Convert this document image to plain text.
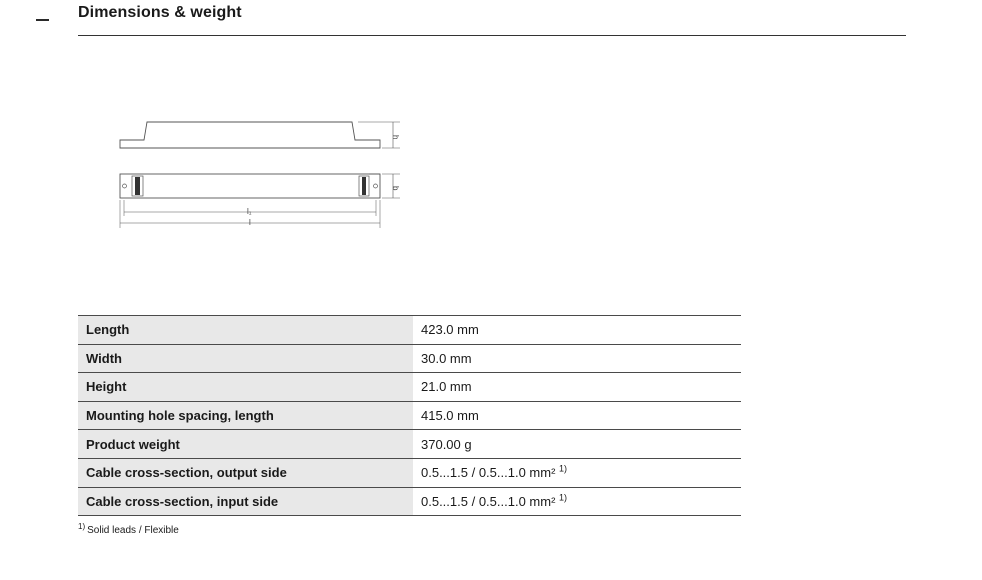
Dimensions & weight
h
b
l₁
l
Length	423.0 mm
Width	30.0 mm
Height	21.0 mm
Mounting hole spacing, length	415.0 mm
Product weight	370.00 g
Cable cross-section, output side	0.5...1.5 / 0.5...1.0 mm² $^{1)}$
Cable cross-section, input side	0.5...1.5 / 0.5...1.0 mm² $^{1)}$
$^{1)}$ Solid leads / Flexible
